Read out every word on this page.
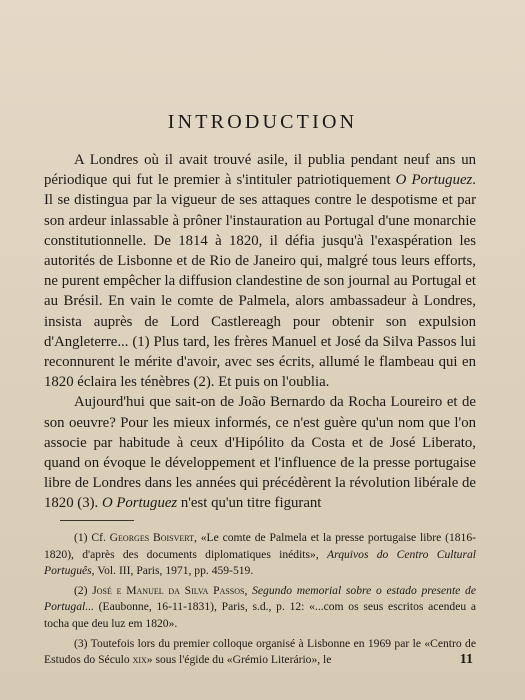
INTRODUCTION

A Londres où il avait trouvé asile, il publia pendant neuf ans un périodique qui fut le premier à s'intituler patriotiquement O Portuguez. Il se distingua par la vigueur de ses attaques contre le despotisme et par son ardeur inlassable à prôner l'instauration au Portugal d'une monarchie constitutionnelle. De 1814 à 1820, il défia jusqu'à l'exaspération les autorités de Lisbonne et de Rio de Janeiro qui, malgré tous leurs efforts, ne purent empêcher la diffusion clandestine de son journal au Portugal et au Brésil. En vain le comte de Palmela, alors ambassadeur à Londres, insista auprès de Lord Castlereagh pour obtenir son expulsion d'Angleterre... (1) Plus tard, les frères Manuel et José da Silva Passos lui reconnurent le mérite d'avoir, avec ses écrits, allumé le flambeau qui en 1820 éclaira les ténèbres (2). Et puis on l'oublia.

Aujourd'hui que sait-on de João Bernardo da Rocha Loureiro et de son oeuvre? Pour les mieux informés, ce n'est guère qu'un nom que l'on associe par habitude à ceux d'Hipólito da Costa et de José Liberato, quand on évoque le développement et l'influence de la presse portugaise libre de Londres dans les années qui précédèrent la révolution libérale de 1820 (3). O Portuguez n'est qu'un titre figurant

(1) Cf. Georges Boisvert, «Le comte de Palmela et la presse portugaise libre (1816-1820), d'après des documents diplomatiques inédits», Arquivos do Centro Cultural Português, Vol. III, Paris, 1971, pp. 459-519.

(2) José e Manuel da Silva Passos, Segundo memorial sobre o estado presente de Portugal... (Eaubonne, 16-11-1831), Paris, s.d., p. 12: «...com os seus escritos acendeu a tocha que deu luz em 1820».

(3) Toutefois lors du premier colloque organisé à Lisbonne en 1969 par le «Centro de Estudos do Século xix» sous l'égide du «Grémio Literário», le	11
